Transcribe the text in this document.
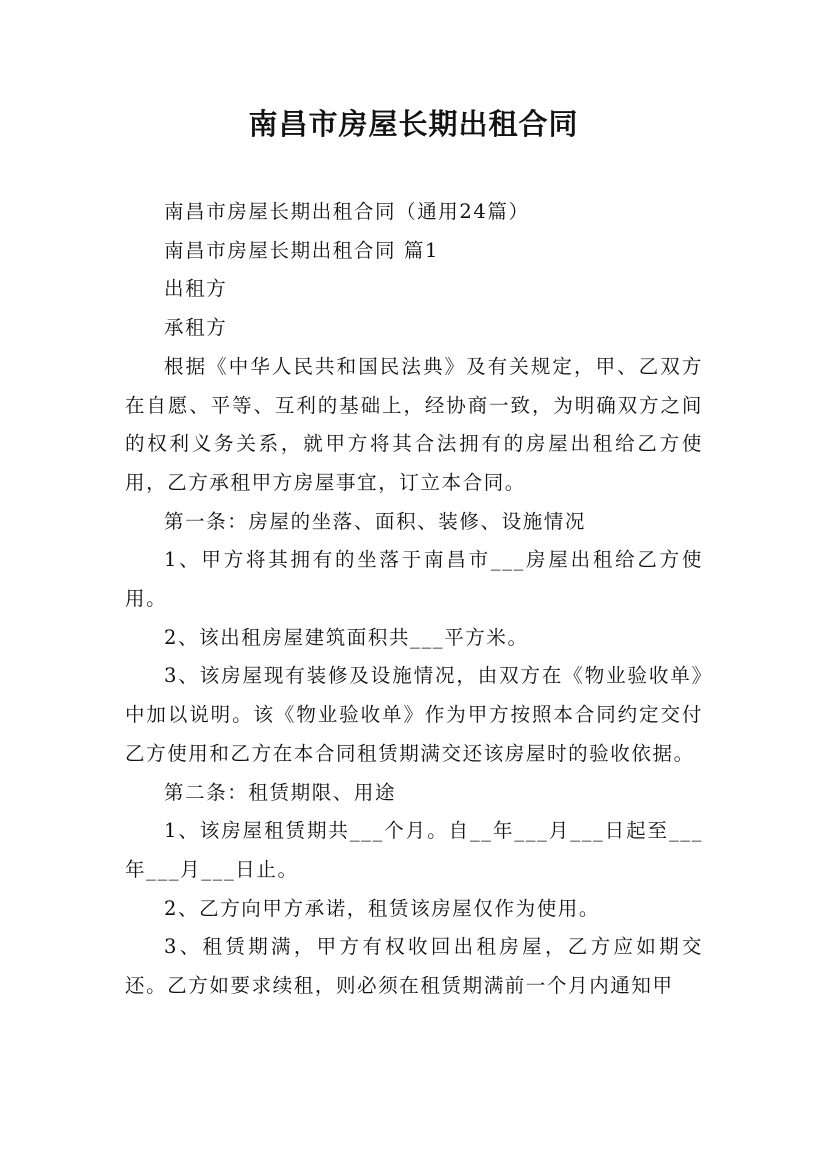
南昌市房屋长期出租合同

南昌市房屋长期出租合同（通用24篇）

南昌市房屋长期出租合同 篇1

出租方

承租方

根据《中华人民共和国民法典》及有关规定，甲、乙双方在自愿、平等、互利的基础上，经协商一致，为明确双方之间的权利义务关系，就甲方将其合法拥有的房屋出租给乙方使用，乙方承租甲方房屋事宜，订立本合同。

第一条：房屋的坐落、面积、装修、设施情况

1、甲方将其拥有的坐落于南昌市___房屋出租给乙方使用。

2、该出租房屋建筑面积共___平方米。

3、该房屋现有装修及设施情况，由双方在《物业验收单》中加以说明。该《物业验收单》作为甲方按照本合同约定交付乙方使用和乙方在本合同租赁期满交还该房屋时的验收依据。

第二条：租赁期限、用途

1、该房屋租赁期共___个月。自__年___月___日起至___年___月___日止。

2、乙方向甲方承诺，租赁该房屋仅作为使用。

3、租赁期满，甲方有权收回出租房屋，乙方应如期交还。乙方如要求续租，则必须在租赁期满前一个月内通知甲
